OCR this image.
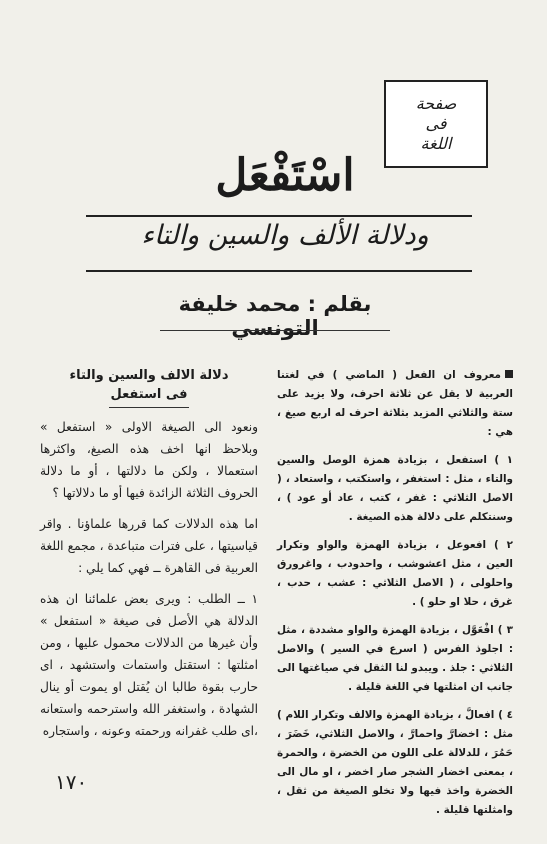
صفحة
فى
اللغة
اسْتَفْعَل
ودلالة الألف والسين والتاء
بقلم : محمد خليفة التونسي

معروف ان الفعل ( الماضي ) في لغتنا العربية لا يقل عن ثلاثة احرف، ولا يزيد على ستة والثلاثي المزيد بثلاثة احرف له اربع صيغ ، هي :

١ ) استفعل ، بزيادة همزة الوصل والسين والتاء ، مثل : استغفر ، واستكتب ، واستعاد ، ( الاصل الثلاثي : غفر ، كتب ، عاد أو عود ) ، وسنتكلم على دلالة هذه الصيغة .

٢ ) افعوعل ، بزيادة الهمزة والواو وتكرار العين ، مثل اعشوشب ، واحدودب ، واغرورق واحلولى ، ( الاصل الثلاثي : عشب ، حدب ، غرق ، حلا او حلو ) .

٣ ) افْعَوَّل ، بزيادة الهمزة والواو مشددة ، مثل : اجلوذ الفرس ( اسرع في السير ) والاصل الثلاثي : جلذ . ويبدو لنا الثقل في صياغتها الى جانب ان امثلتها في اللغة قليلة .

٤ ) افعالَّ ، بزيادة الهمزة والالف وتكرار اللام ) مثل : اخضارَّ واحمارَّ ، والاصل الثلاثي، خَضَرَ ، حَمُرَ ، للدلالة على اللون من الخضرة ، والحمرة ، بمعنى اخضار الشجر صار اخضر ، او مال الى الخضرة واخذ فيها ولا تخلو الصيغة من ثقل ، وامثلتها قليلة .

دلالة الالف والسين والتاء
فى استفعل

ونعود الى الصيغة الاولى « استفعل » وبلاحظ انها اخف هذه الصيغ، واكثرها استعمالا ، ولكن ما دلالتها ، أو ما دلالة الحروف الثلاثة الزائدة فيها أو ما دلالاتها ؟

اما هذه الدلالات كما قررها علماؤنا . واقر قياسيتها ، على فترات متباعدة ، مجمع اللغة العربية فى القاهرة ــ فهي كما يلي :

١ ــ الطلب : ويرى بعض علمائنا ان هذه الدلالة هي الأصل فى صيغة « استفعل » وأن غيرها من الدلالات محمول عليها ، ومن امثلتها : استقتل واستمات واستشهد ، اى حارب بقوة طالبا ان يُقتل او يموت أو ينال الشهادة ، واستغفر الله واسترحمه واستعانه ،اى طلب غفرانه ورحمته وعونه ، واستجاره

١٧٠
